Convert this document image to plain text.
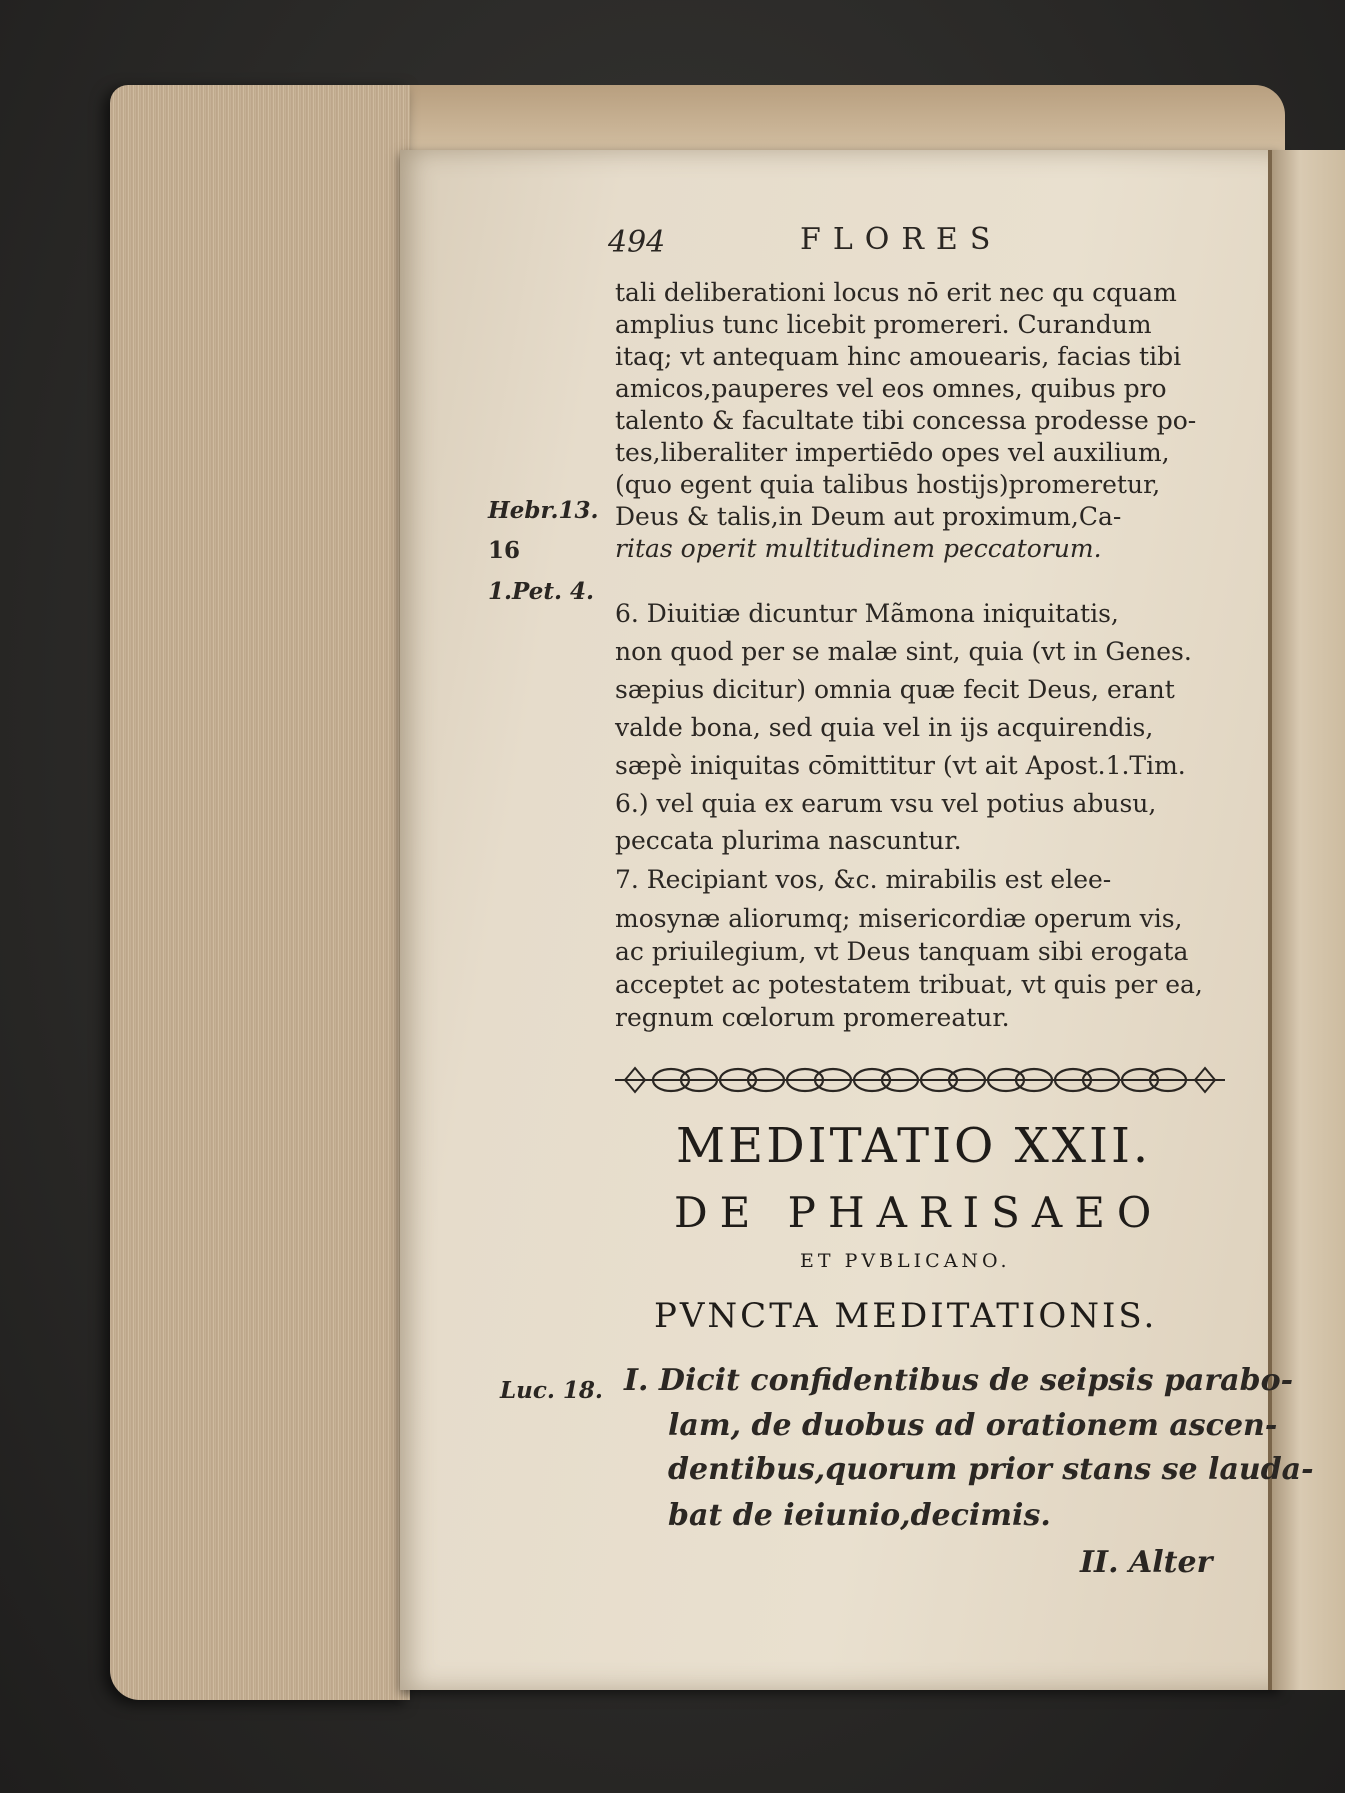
494	FLORES
tali deliberationi locus nō erit nec qu cquam
amplius tunc licebit promereri. Curandum
itaq; vt antequam hinc amouearis, facias tibi
amicos,pauperes vel eos omnes, quibus pro
talento & facultate tibi concessa prodesse po-
tes,liberaliter impertiēdo opes vel auxilium,
(quo egent quia talibus hostijs)promeretur,
Deus & talis,in Deum aut proximum,Ca-
ritas operit multitudinem peccatorum.
6. Diuitiæ dicuntur Mãmona iniquitatis,
non quod per se malæ sint, quia (vt in Genes.
sæpius dicitur) omnia quæ fecit Deus, erant
valde bona, sed quia vel in ijs acquirendis,
sæpè iniquitas cōmittitur (vt ait Apost.1.Tim.
6.) vel quia ex earum vsu vel potius abusu,
peccata plurima nascuntur.
7. Recipiant vos, &c. mirabilis est elee-
mosynæ aliorumq; misericordiæ operum vis,
ac priuilegium, vt Deus tanquam sibi erogata
acceptet ac potestatem tribuat, vt quis per ea,
regnum cœlorum promereatur.
Hebr.13.
16
1.Pet. 4.
MEDITATIO XXII.
DE PHARISAEO
ET PVBLICANO.
PVNCTA MEDITATIONIS.
Luc. 18. I. Dicit confidentibus de seipsis parabo-
lam, de duobus ad orationem ascen-
dentibus,quorum prior stans se lauda-
bat de ieiunio,decimis.
II. Alter
